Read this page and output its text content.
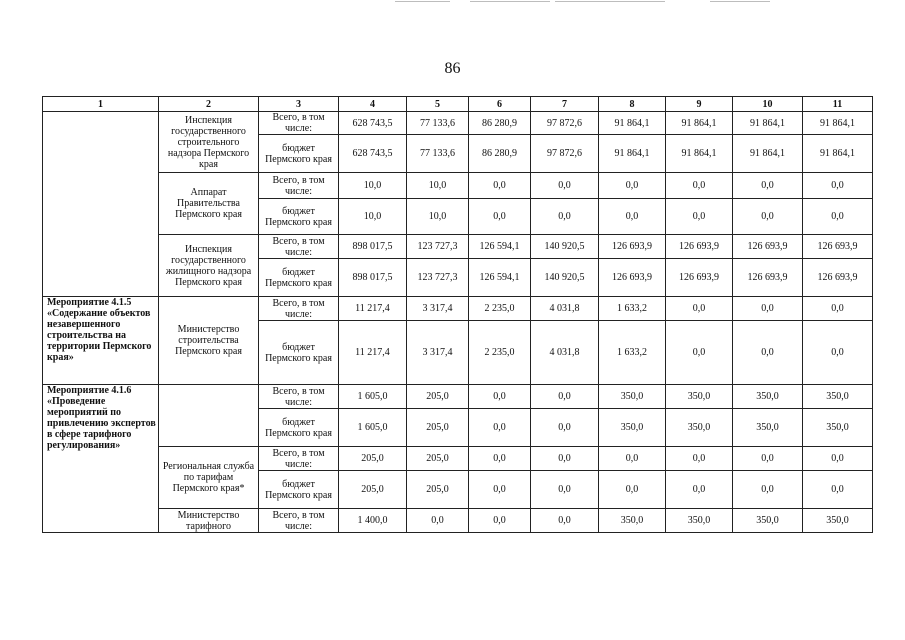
86
1	2	3	4	5	6	7	8	9	10	11
	Инспекция государственного строительного надзора Пермского края	Всего, в том числе:	628 743,5	77 133,6	86 280,9	97 872,6	91 864,1	91 864,1	91 864,1	91 864,1
		бюджет Пермского края	628 743,5	77 133,6	86 280,9	97 872,6	91 864,1	91 864,1	91 864,1	91 864,1
	Аппарат Правительства Пермского края	Всего, в том числе:	10,0	10,0	0,0	0,0	0,0	0,0	0,0	0,0
		бюджет Пермского края	10,0	10,0	0,0	0,0	0,0	0,0	0,0	0,0
	Инспекция государственного жилищного надзора Пермского края	Всего, в том числе:	898 017,5	123 727,3	126 594,1	140 920,5	126 693,9	126 693,9	126 693,9	126 693,9
		бюджет Пермского края	898 017,5	123 727,3	126 594,1	140 920,5	126 693,9	126 693,9	126 693,9	126 693,9
Мероприятие 4.1.5 «Содержание объектов незавершенного строительства на территории Пермского края»	Министерство строительства Пермского края	Всего, в том числе:	11 217,4	3 317,4	2 235,0	4 031,8	1 633,2	0,0	0,0	0,0
		бюджет Пермского края	11 217,4	3 317,4	2 235,0	4 031,8	1 633,2	0,0	0,0	0,0
Мероприятие 4.1.6 «Проведение мероприятий по привлечению экспертов в сфере тарифного регулирования»		Всего, в том числе:	1 605,0	205,0	0,0	0,0	350,0	350,0	350,0	350,0
		бюджет Пермского края	1 605,0	205,0	0,0	0,0	350,0	350,0	350,0	350,0
	Региональная служба по тарифам Пермского края*	Всего, в том числе:	205,0	205,0	0,0	0,0	0,0	0,0	0,0	0,0
		бюджет Пермского края	205,0	205,0	0,0	0,0	0,0	0,0	0,0	0,0
	Министерство тарифного	Всего, в том числе:	1 400,0	0,0	0,0	0,0	350,0	350,0	350,0	350,0
